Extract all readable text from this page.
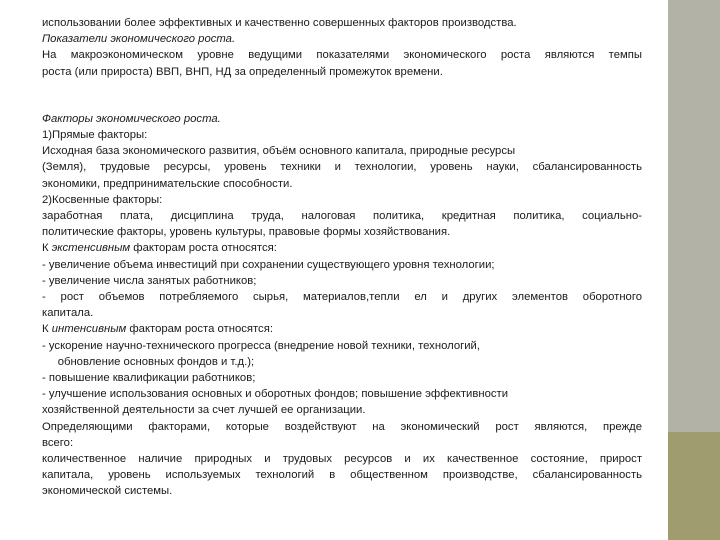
использовании более эффективных и качественно совершенных факторов производства.
Показатели экономического роста.
На макроэкономическом уровне ведущими показателями экономического роста являются темпы
роста (или прироста) ВВП, ВНП, НД за определенный промежуток времени.
Факторы экономического роста.
1)Прямые факторы:
Исходная база экономического развития, объём основного капитала, природные ресурсы
(Земля), трудовые ресурсы, уровень техники и технологии, уровень науки, сбалансированность
экономики, предпринимательские способности.
2)Косвенные факторы:
заработная плата, дисциплина труда, налоговая политика, кредитная политика, социально-
политические факторы, уровень культуры, правовые формы хозяйствования.
К экстенсивным факторам роста относятся:
- увеличение объема инвестиций при сохранении существующего уровня технологии;
- увеличение числа занятых работников;
- рост объемов потребляемого сырья, материалов,тепли ел и других элементов оборотного
капитала.
К интенсивным факторам роста относятся:
- ускорение научно-технического прогресса (внедрение новой техники, технологий,
обновление основных фондов и т.д.);
- повышение квалификации работников;
- улучшение использования основных и оборотных фондов; повышение эффективности
хозяйственной деятельности за счет лучшей ее организации.
Определяющими факторами, которые воздействуют на экономический рост являются, прежде
всего:
количественное наличие природных и трудовых ресурсов и их качественное состояние, прирост
капитала, уровень используемых технологий в общественном производстве, сбалансированность
экономической системы.
